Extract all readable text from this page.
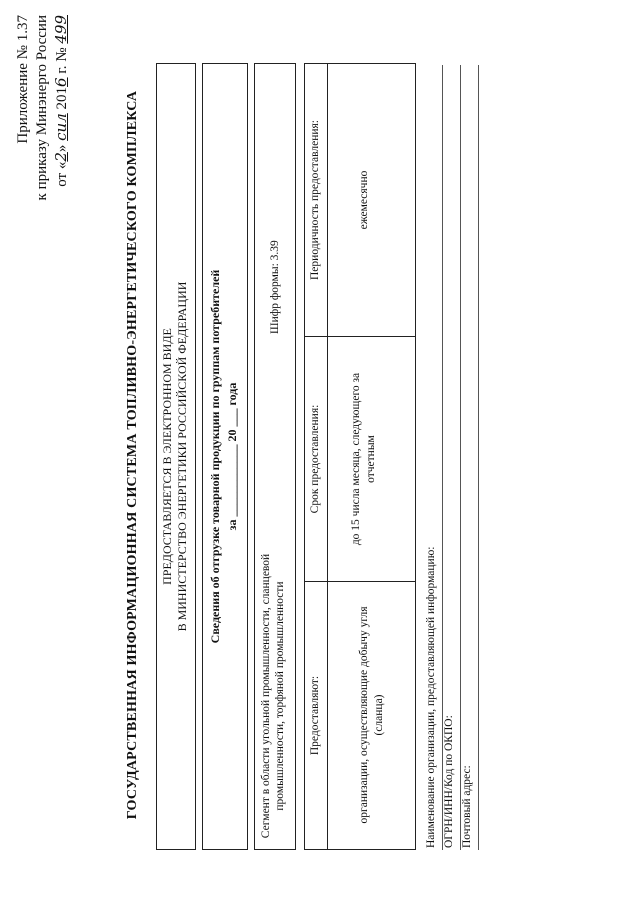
Приложение № 1.37 к приказу Минэнерго России от «2» сил 2016 г. № 499
ГОСУДАРСТВЕННАЯ ИНФОРМАЦИОННАЯ СИСТЕМА ТОПЛИВНО-ЭНЕРГЕТИЧЕСКОГО КОМПЛЕКСА ПРЕДОСТАВЛЯЕТСЯ В ЭЛЕКТРОННОМ ВИДЕ В МИНИСТЕРСТВО ЭНЕРГЕТИКИ РОССИЙСКОЙ ФЕДЕРАЦИИ Сведения об отгрузке товарной продукции по группам потребителей за ____________ 20 ___ года
Сегмент в области угольной промышленности, сланцевой промышленности, торфяной промышленности
Шифр формы: 3.39
Предоставляют:
Срок предоставления:
Периодичность предоставления:
организации, осуществляющие добычу угля (сланца)
до 15 числа месяца, следующего за отчетным
ежемесячно
Наименование организации, предоставляющей информацию: ОГРН/ИНН/Код по ОКПО: Почтовый адрес:
